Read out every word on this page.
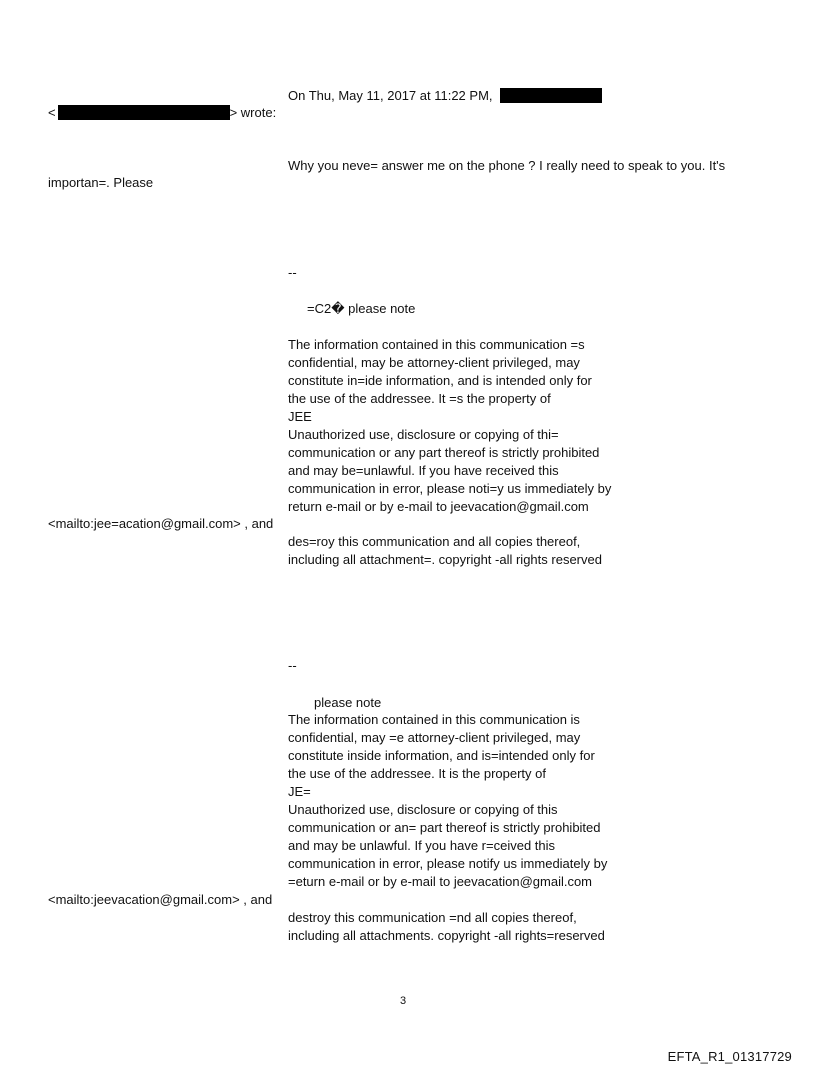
On Thu, May 11, 2017 at 11:22 PM,
<	> wrote:
Why you neve= answer me on the phone ? I really need to speak to you. It's
importan=. Please
--
=C2� please note
The information contained in this communication =s
confidential, may be attorney-client privileged, may
constitute in=ide information, and is intended only for
the use of the addressee. It =s the property of
JEE
Unauthorized use, disclosure or copying of thi=
communication or any part thereof is strictly prohibited
and may be=unlawful. If you have received this
communication in error, please noti=y us immediately by
return e-mail or by e-mail to jeevacation@gmail.com
<mailto:jee=acation@gmail.com> , and
des=roy this communication and all copies thereof,
including all attachment=. copyright -all rights reserved
--
please note
The information contained in this communication is
confidential, may =e attorney-client privileged, may
constitute inside information, and is=intended only for
the use of the addressee. It is the property of
JE=
Unauthorized use, disclosure or copying of this
communication or an= part thereof is strictly prohibited
and may be unlawful. If you have r=ceived this
communication in error, please notify us immediately by
=eturn e-mail or by e-mail to jeevacation@gmail.com
<mailto:jeevacation@gmail.com> , and
destroy this communication =nd all copies thereof,
including all attachments. copyright -all rights=reserved
3
EFTA_R1_01317729
